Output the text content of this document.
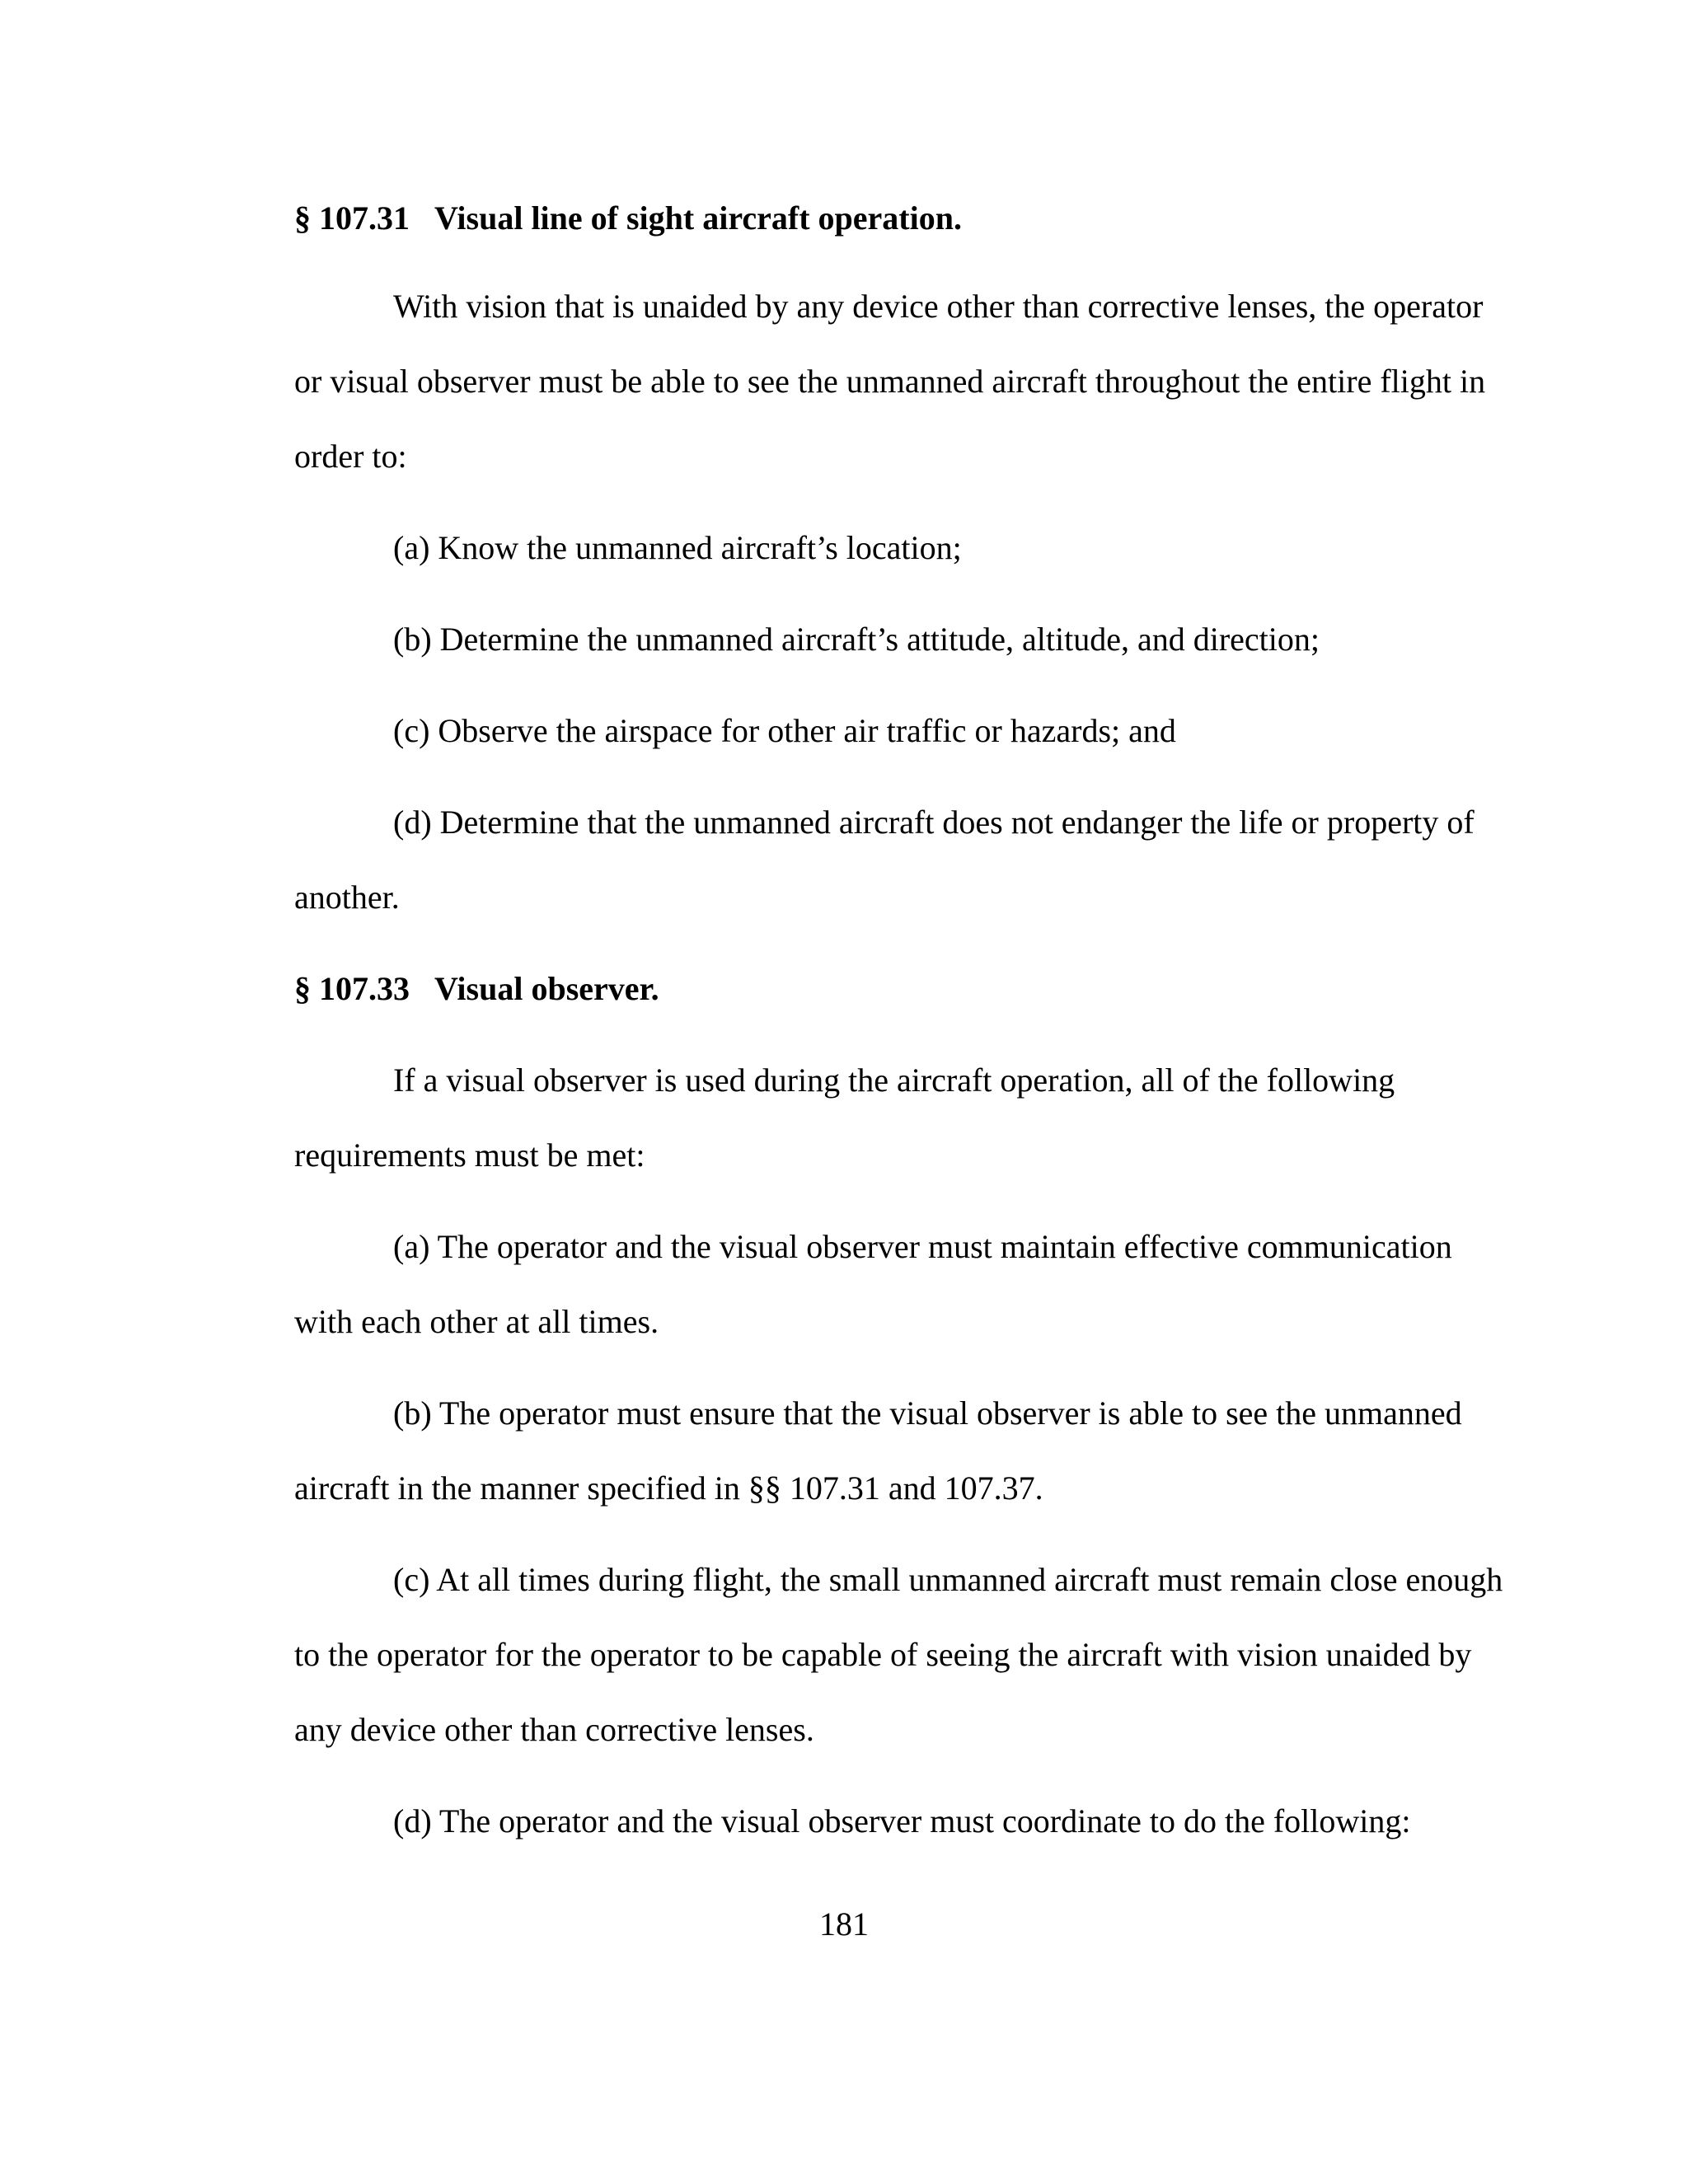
§ 107.31 Visual line of sight aircraft operation.
With vision that is unaided by any device other than corrective lenses, the operator
or visual observer must be able to see the unmanned aircraft throughout the entire flight in
order to:
(a) Know the unmanned aircraft’s location;
(b) Determine the unmanned aircraft’s attitude, altitude, and direction;
(c) Observe the airspace for other air traffic or hazards; and
(d) Determine that the unmanned aircraft does not endanger the life or property of
another.
§ 107.33 Visual observer.
If a visual observer is used during the aircraft operation, all of the following
requirements must be met:
(a) The operator and the visual observer must maintain effective communication
with each other at all times.
(b) The operator must ensure that the visual observer is able to see the unmanned
aircraft in the manner specified in §§ 107.31 and 107.37.
(c) At all times during flight, the small unmanned aircraft must remain close enough
to the operator for the operator to be capable of seeing the aircraft with vision unaided by
any device other than corrective lenses.
(d) The operator and the visual observer must coordinate to do the following:
181
